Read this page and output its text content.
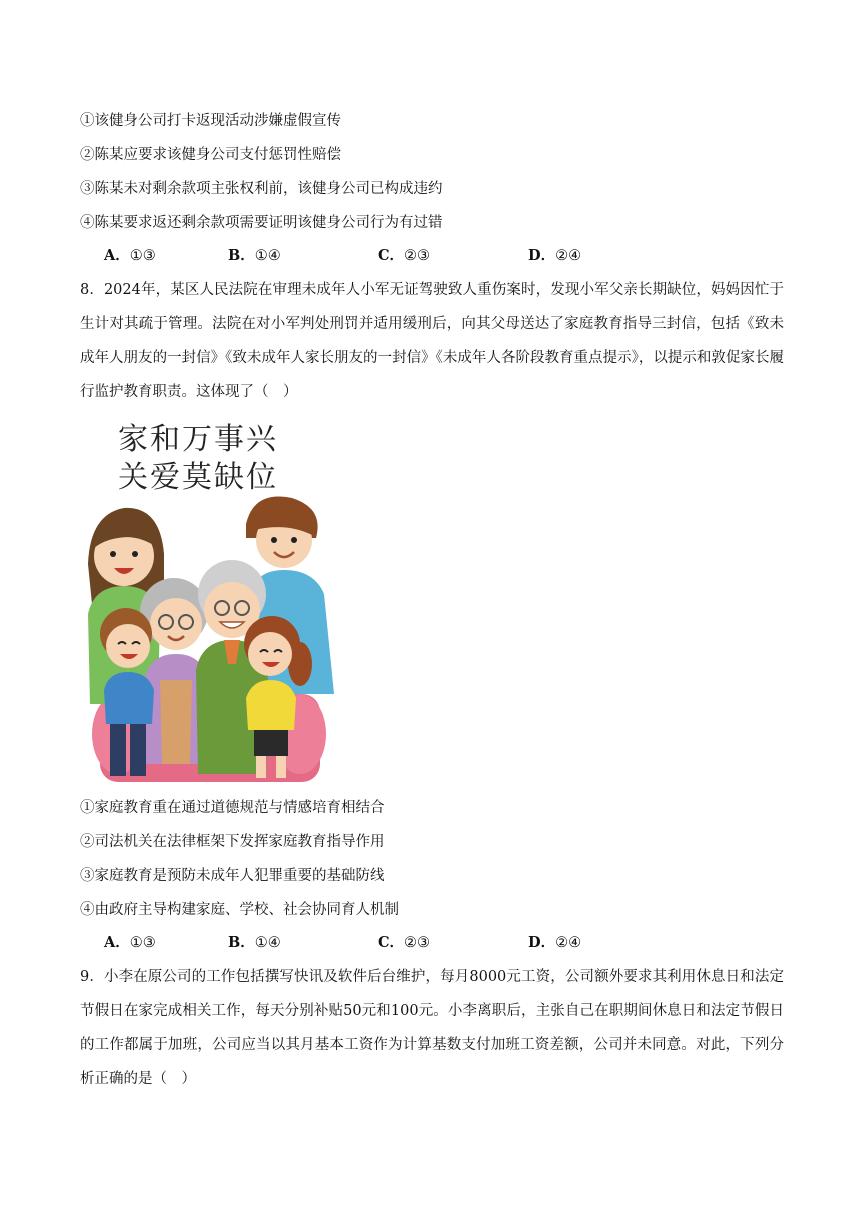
①该健身公司打卡返现活动涉嫌虚假宣传
②陈某应要求该健身公司支付惩罚性赔偿
③陈某未对剩余款项主张权利前，该健身公司已构成违约
④陈某要求返还剩余款项需要证明该健身公司行为有过错
A．①③	B．①④	C．②③	D．②④
8．2024年，某区人民法院在审理未成年人小军无证驾驶致人重伤案时，发现小军父亲长期缺位，妈妈因忙于生计对其疏于管理。法院在对小军判处刑罚并适用缓刑后，向其父母送达了家庭教育指导三封信，包括《致未成年人朋友的一封信》《致未成年人家长朋友的一封信》《未成年人各阶段教育重点提示》，以提示和敦促家长履行监护教育职责。这体现了（　）
家和万事兴
关爱莫缺位
①家庭教育重在通过道德规范与情感培育相结合
②司法机关在法律框架下发挥家庭教育指导作用
③家庭教育是预防未成年人犯罪重要的基础防线
④由政府主导构建家庭、学校、社会协同育人机制
A．①③	B．①④	C．②③	D．②④
9．小李在原公司的工作包括撰写快讯及软件后台维护，每月8000元工资，公司额外要求其利用休息日和法定节假日在家完成相关工作，每天分别补贴50元和100元。小李离职后，主张自己在职期间休息日和法定节假日的工作都属于加班，公司应当以其月基本工资作为计算基数支付加班工资差额，公司并未同意。对此，下列分析正确的是（　）
